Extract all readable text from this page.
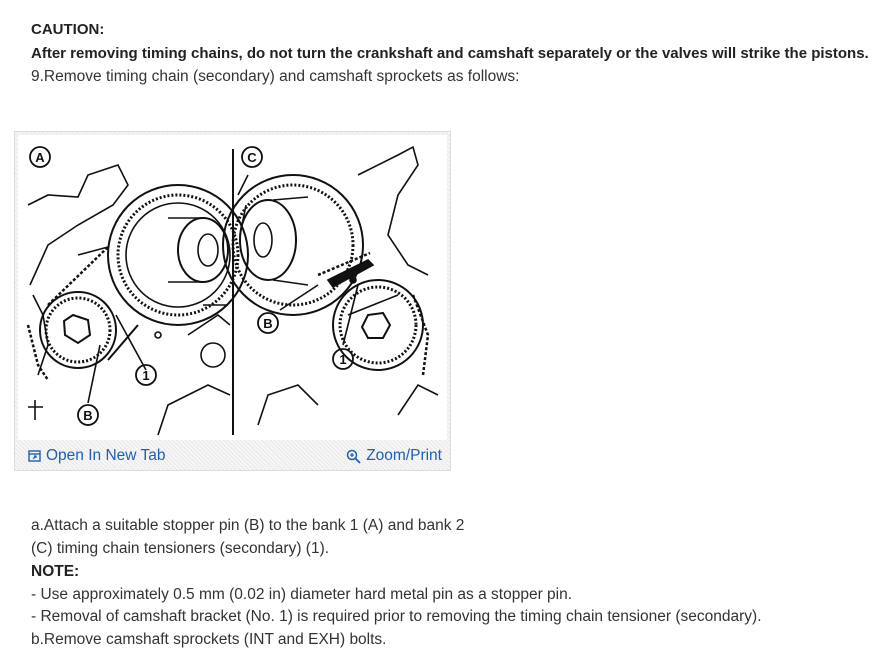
CAUTION:
After removing timing chains, do not turn the crankshaft and camshaft separately or the valves will strike the pistons.
9.Remove timing chain (secondary) and camshaft sprockets as follows:
A
B
1
C
B
1
Open In New Tab	Zoom/Print
a.Attach a suitable stopper pin (B) to the bank 1 (A) and bank 2
(C) timing chain tensioners (secondary) (1).
NOTE:
- Use approximately 0.5 mm (0.02 in) diameter hard metal pin as a stopper pin.
- Removal of camshaft bracket (No. 1) is required prior to removing the timing chain tensioner (secondary).
b.Remove camshaft sprockets (INT and EXH) bolts.
